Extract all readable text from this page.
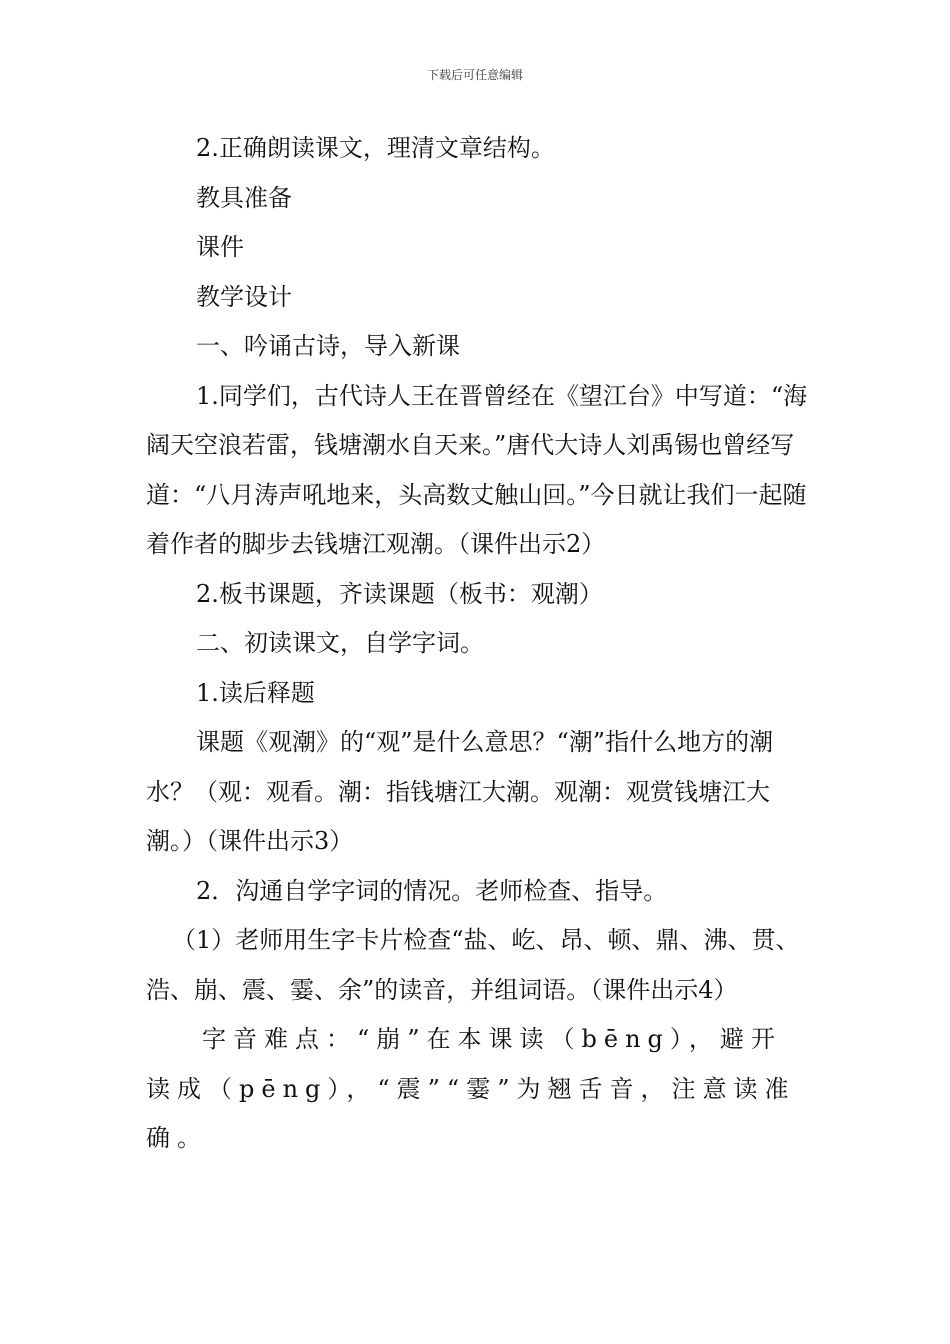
下载后可任意编辑

2.正确朗读课文，理清文章结构。

教具准备

课件

教学设计

一、吟诵古诗，导入新课

1.同学们，古代诗人王在晋曾经在《望江台》中写道：“海阔天空浪若雷，钱塘潮水自天来。”唐代大诗人刘禹锡也曾经写道：“八月涛声吼地来，头高数丈触山回。”今日就让我们一起随着作者的脚步去钱塘江观潮。（课件出示2）

2.板书课题，齐读课题（板书：观潮）

二、初读课文，自学字词。

1.读后释题

课题《观潮》的“观”是什么意思？“潮”指什么地方的潮水？（观：观看。潮：指钱塘江大潮。观潮：观赏钱塘江大潮。）（课件出示3）

2．沟通自学字词的情况。老师检查、指导。

（1）老师用生字卡片检查“盐、屹、昂、顿、鼎、沸、贯、浩、崩、震、霎、余”的读音，并组词语。（课件出示4）

字音难点：“崩”在本课读（bēng），避开读成（pēng），“震”“霎”为翘舌音，注意读准确。
